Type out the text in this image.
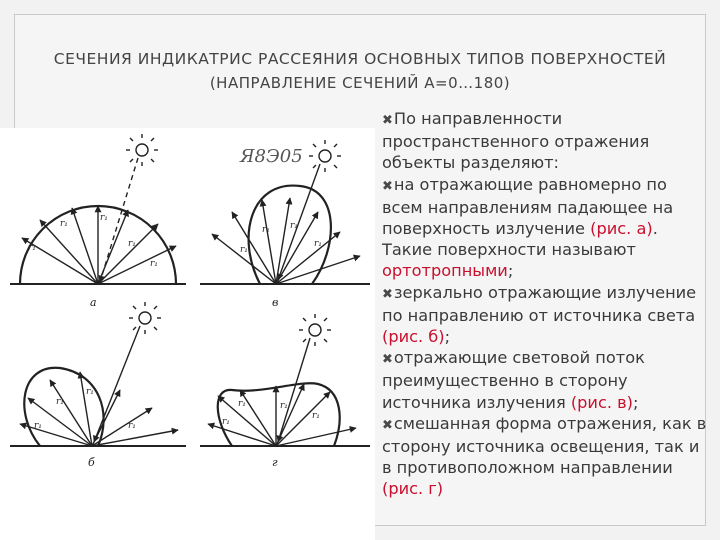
СЕЧЕНИЯ ИНДИКАТРИС РАССЕЯНИЯ ОСНОВНЫХ ТИПОВ ПОВЕРХНОСТЕЙ
(НАПРАВЛЕНИЕ СЕЧЕНИЙ А=0…180)
а	в
б	г
r₁
r₁
r₁
r₁
r₁
r₁
r₁ r₁
r₁
r₁
r₁
r₁
r₁	r₁
r₁	r₁
r₁
Я8Э05

✖По направленности пространственного отражения объекты разделяют:

✖на отражающие равномерно по всем направлениям падающее на поверхность излучение (рис. а). Такие поверхности называют ортотропными;

✖зеркально отражающие излучение по направлению от источника света (рис. б);

✖отражающие световой поток преимущественно в сторону источника излучения (рис. в);

✖смешанная форма отражения, как в сторону источника освещения, так и в противоположном направлении (рис. г)
